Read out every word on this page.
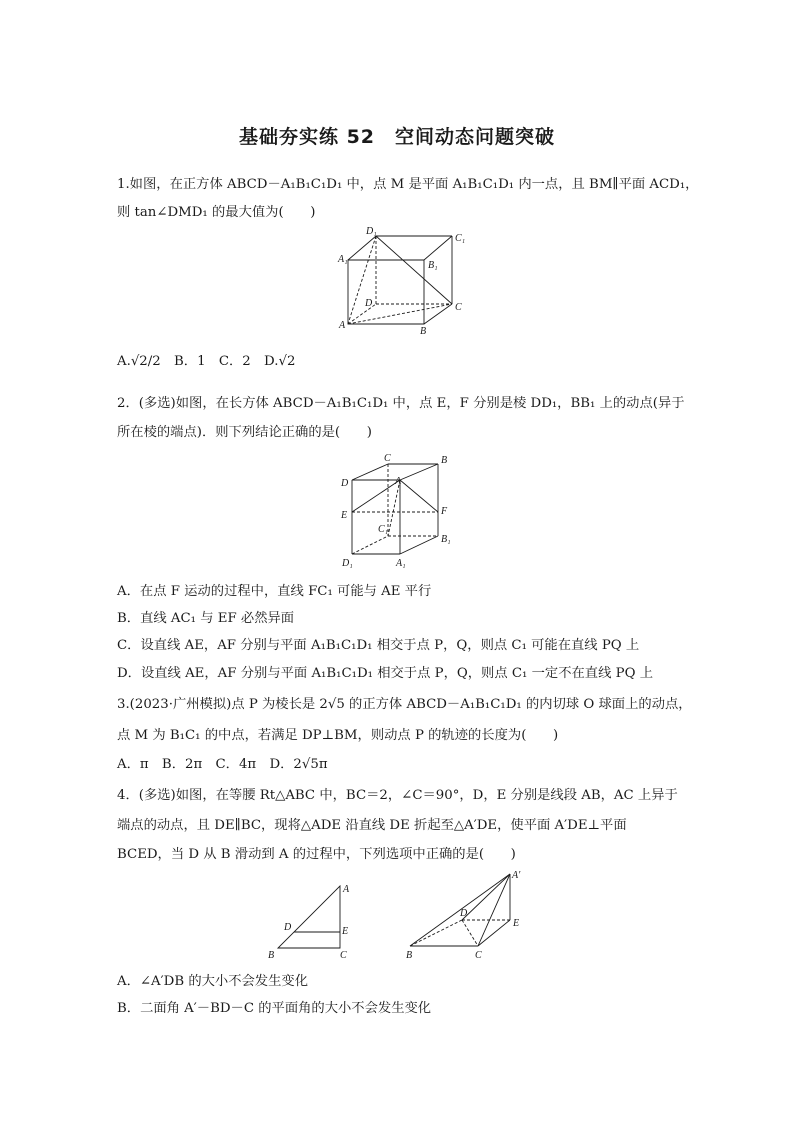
基础夯实练 52　空间动态问题突破
1.如图，在正方体 ABCD－A₁B₁C₁D₁ 中，点 M 是平面 A₁B₁C₁D₁ 内一点，且 BM∥平面 ACD₁，
则 tan∠DMD₁ 的最大值为(　　)
D₁
C₁
A₁
B₁
D	C
A
B
A.√2/2　B．1　C．2　D.√2
2．(多选)如图，在长方体 ABCD－A₁B₁C₁D₁ 中，点 E，F 分别是棱 DD₁，BB₁ 上的动点(异于
所在棱的端点)．则下列结论正确的是(　　)
C	B
D	A
E	F
C₁
B₁
D₁	A₁
A．在点 F 运动的过程中，直线 FC₁ 可能与 AE 平行
B．直线 AC₁ 与 EF 必然异面
C．设直线 AE，AF 分别与平面 A₁B₁C₁D₁ 相交于点 P，Q，则点 C₁ 可能在直线 PQ 上
D．设直线 AE，AF 分别与平面 A₁B₁C₁D₁ 相交于点 P，Q，则点 C₁ 一定不在直线 PQ 上
3.(2023·广州模拟)点 P 为棱长是 2√5 的正方体 ABCD－A₁B₁C₁D₁ 的内切球 O 球面上的动点，
点 M 为 B₁C₁ 的中点，若满足 DP⊥BM，则动点 P 的轨迹的长度为(　　)
A．π　B．2π　C．4π　D．2√5π
4．(多选)如图，在等腰 Rt△ABC 中，BC＝2，∠C＝90°，D，E 分别是线段 AB，AC 上异于
端点的动点，且 DE∥BC，现将△ADE 沿直线 DE 折起至△A′DE，使平面 A′DE⊥平面
BCED，当 D 从 B 滑动到 A 的过程中，下列选项中正确的是(　　)
A
D	E
B	C
A′
D
E
B	C
A．∠A′DB 的大小不会发生变化
B．二面角 A′－BD－C 的平面角的大小不会发生变化
